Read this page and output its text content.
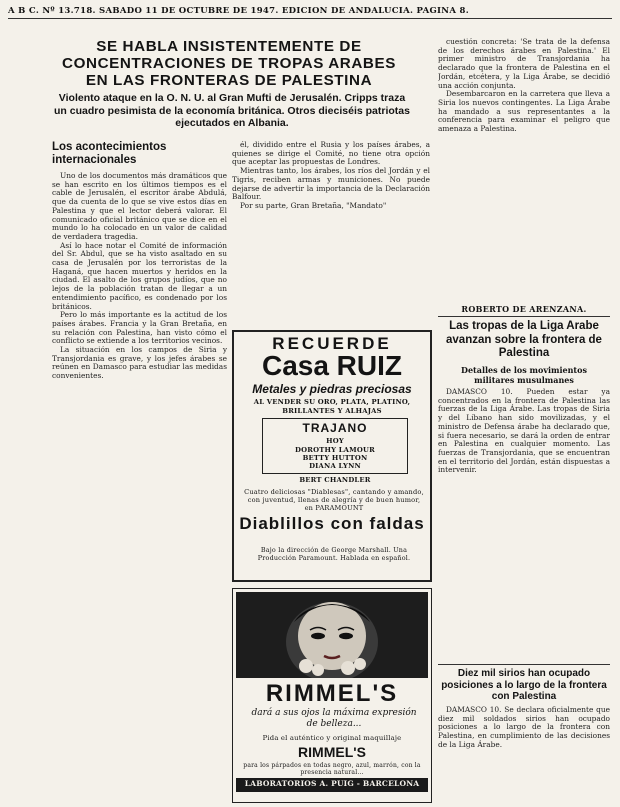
A B C. Nº 13.718. SABADO 11 DE OCTUBRE DE 1947. EDICION DE ANDALUCIA. PAGINA 8.
SE HABLA INSISTENTEMENTE DE CONCENTRACIONES DE TROPAS ARABES EN LAS FRONTERAS DE PALESTINA
Violento ataque en la O. N. U. al Gran Mufti de Jerusalén. Cripps traza un cuadro pesimista de la economía británica. Otros dieciséis patriotas ejecutados en Albania.
Los acontecimientos internacionales

Uno de los documentos más dramáticos que se han escrito en los últimos tiempos es el cable de Jerusalén, el escritor árabe Abdulá, que da cuenta de lo que se vive estos días en Palestina y que el lector deberá valorar. El comunicado oficial británico que se dice en el mundo lo ha colocado en un valor de calidad de verdadera tragedia.

Así lo hace notar el Comité de información del Sr. Abdul, que se ha visto asaltado en su casa de Jerusalén por los terroristas de la Haganá, que hacen muertos y heridos en la ciudad. El asalto de los grupos judíos, que no lejos de la población tratan de llegar a un entendimiento pacífico, es condenado por los británicos.

Pero lo más importante es la actitud de los países árabes. Francia y la Gran Bretaña, en su relación con Palestina, han visto cómo el conflicto se extiende a los territorios vecinos.

La situación en los campos de Siria y Transjordania es grave, y los jefes árabes se reúnen en Damasco para estudiar las medidas convenientes.

él, dividido entre el Rusia y los países árabes, a quienes se dirige el Comité, no tiene otra opción que aceptar las propuestas de Londres.

Mientras tanto, los árabes, los ríos del Jordán y el Tigris, reciben armas y municiones. No puede dejarse de advertir la importancia de la Declaración Balfour.

Por su parte, Gran Bretaña, "Mandato"

RECUERDE
Casa RUIZ
Metales y piedras preciosas
AL VENDER SU ORO, PLATA, PLATINO, BRILLANTES Y ALHAJAS
TRAJANO
HOY
DOROTHY LAMOUR
BETTY HUTTON
DIANA LYNN
BERT CHANDLER
Cuatro deliciosas "Diablesas", cantando y amando, con juventud, llenas de alegría y de buen humor, en PARAMOUNT
Diablillos con faldas
Bajo la dirección de George Marshall. Una Producción Paramount. Hablada en español.
RIMMEL'S
dará a sus ojos la máxima expresión de belleza...
Pida el auténtico y original maquillaje
RIMMEL'S
para los párpados en todas negro, azul, marrón, con la presencia natural...
LABORATORIOS A. PUIG - BARCELONA

cuestión concreta: 'Se trata de la defensa de los derechos árabes en Palestina.' El primer ministro de Transjordania ha declarado que la frontera de Palestina en el Jordán, etcétera, y la Liga Árabe, se decidió una acción conjunta.

Desembarcaron en la carretera que lleva a Siria los nuevos contingentes. La Liga Árabe ha mandado a sus representantes a la conferencia para examinar el peligro que amenaza a Palestina.

ROBERTO DE ARENZANA.
Las tropas de la Liga Arabe avanzan sobre la frontera de Palestina
Detalles de los movimientos militares musulmanes

DAMASCO 10. Pueden estar ya concentrados en la frontera de Palestina las fuerzas de la Liga Árabe. Las tropas de Siria y del Líbano han sido movilizadas, y el ministro de Defensa árabe ha declarado que, si fuera necesario, se dará la orden de entrar en Palestina en cualquier momento. Las fuerzas de Transjordania, que se encuentran en el territorio del Jordán, están dispuestas a intervenir.

Diez mil sirios han ocupado posiciones a lo largo de la frontera con Palestina

DAMASCO 10. Se declara oficialmente que diez mil soldados sirios han ocupado posiciones a lo largo de la frontera con Palestina, en cumplimiento de las decisiones de la Liga Árabe.
